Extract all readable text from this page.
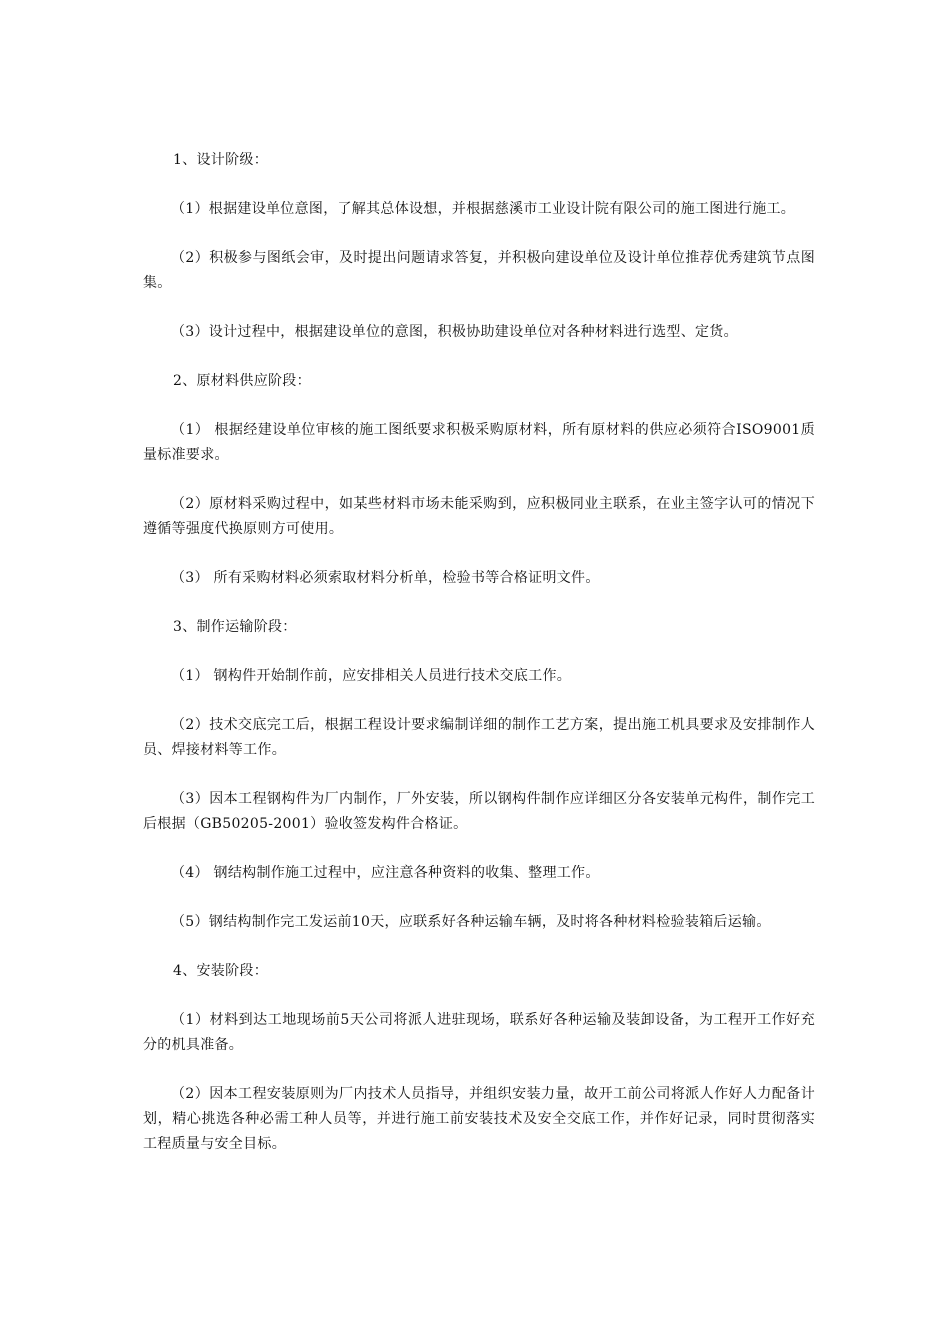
1、设计阶级：

（1）根据建设单位意图，了解其总体设想，并根据慈溪市工业设计院有限公司的施工图进行施工。

（2）积极参与图纸会审，及时提出问题请求答复，并积极向建设单位及设计单位推荐优秀建筑节点图集。

（3）设计过程中，根据建设单位的意图，积极协助建设单位对各种材料进行选型、定货。

2、原材料供应阶段：

（1） 根据经建设单位审核的施工图纸要求积极采购原材料，所有原材料的供应必须符合ISO9001质量标准要求。

（2）原材料采购过程中，如某些材料市场未能采购到，应积极同业主联系，在业主签字认可的情况下遵循等强度代换原则方可使用。

（3） 所有采购材料必须索取材料分析单，检验书等合格证明文件。

3、制作运输阶段：

（1） 钢构件开始制作前，应安排相关人员进行技术交底工作。

（2）技术交底完工后，根据工程设计要求编制详细的制作工艺方案，提出施工机具要求及安排制作人员、焊接材料等工作。

（3）因本工程钢构件为厂内制作，厂外安装，所以钢构件制作应详细区分各安装单元构件，制作完工后根据（GB50205-2001）验收签发构件合格证。

（4） 钢结构制作施工过程中，应注意各种资料的收集、整理工作。

（5）钢结构制作完工发运前10天，应联系好各种运输车辆，及时将各种材料检验装箱后运输。

4、安装阶段：

（1）材料到达工地现场前5天公司将派人进驻现场，联系好各种运输及装卸设备，为工程开工作好充分的机具准备。

（2）因本工程安装原则为厂内技术人员指导，并组织安装力量，故开工前公司将派人作好人力配备计划，精心挑选各种必需工种人员等，并进行施工前安装技术及安全交底工作，并作好记录，同时贯彻落实工程质量与安全目标。
